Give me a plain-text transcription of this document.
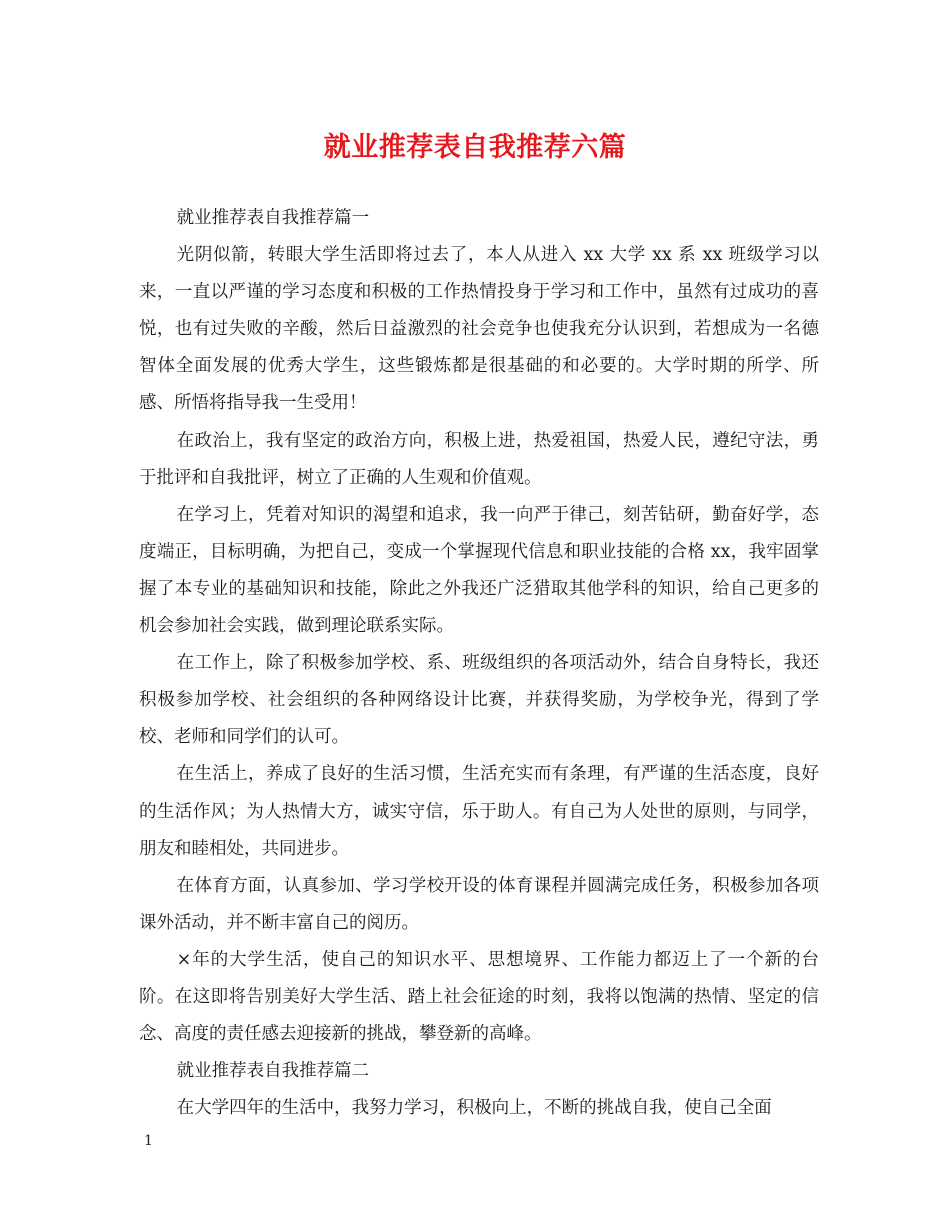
就业推荐表自我推荐六篇

就业推荐表自我推荐篇一

光阴似箭，转眼大学生活即将过去了，本人从进入 xx 大学 xx 系 xx 班级学习以来，一直以严谨的学习态度和积极的工作热情投身于学习和工作中，虽然有过成功的喜悦，也有过失败的辛酸，然后日益激烈的社会竞争也使我充分认识到，若想成为一名德智体全面发展的优秀大学生，这些锻炼都是很基础的和必要的。大学时期的所学、所感、所悟将指导我一生受用！

在政治上，我有坚定的政治方向，积极上进，热爱祖国，热爱人民，遵纪守法，勇于批评和自我批评，树立了正确的人生观和价值观。

在学习上，凭着对知识的渴望和追求，我一向严于律己，刻苦钻研，勤奋好学，态度端正，目标明确，为把自己，变成一个掌握现代信息和职业技能的合格 xx，我牢固掌握了本专业的基础知识和技能，除此之外我还广泛猎取其他学科的知识，给自己更多的机会参加社会实践，做到理论联系实际。

在工作上，除了积极参加学校、系、班级组织的各项活动外，结合自身特长，我还积极参加学校、社会组织的各种网络设计比赛，并获得奖励，为学校争光，得到了学校、老师和同学们的认可。

在生活上，养成了良好的生活习惯，生活充实而有条理，有严谨的生活态度，良好的生活作风；为人热情大方，诚实守信，乐于助人。有自己为人处世的原则，与同学，朋友和睦相处，共同进步。

在体育方面，认真参加、学习学校开设的体育课程并圆满完成任务，积极参加各项课外活动，并不断丰富自己的阅历。

×年的大学生活，使自己的知识水平、思想境界、工作能力都迈上了一个新的台阶。在这即将告别美好大学生活、踏上社会征途的时刻，我将以饱满的热情、坚定的信念、高度的责任感去迎接新的挑战，攀登新的高峰。

就业推荐表自我推荐篇二

在大学四年的生活中，我努力学习，积极向上，不断的挑战自我，使自己全面

1
